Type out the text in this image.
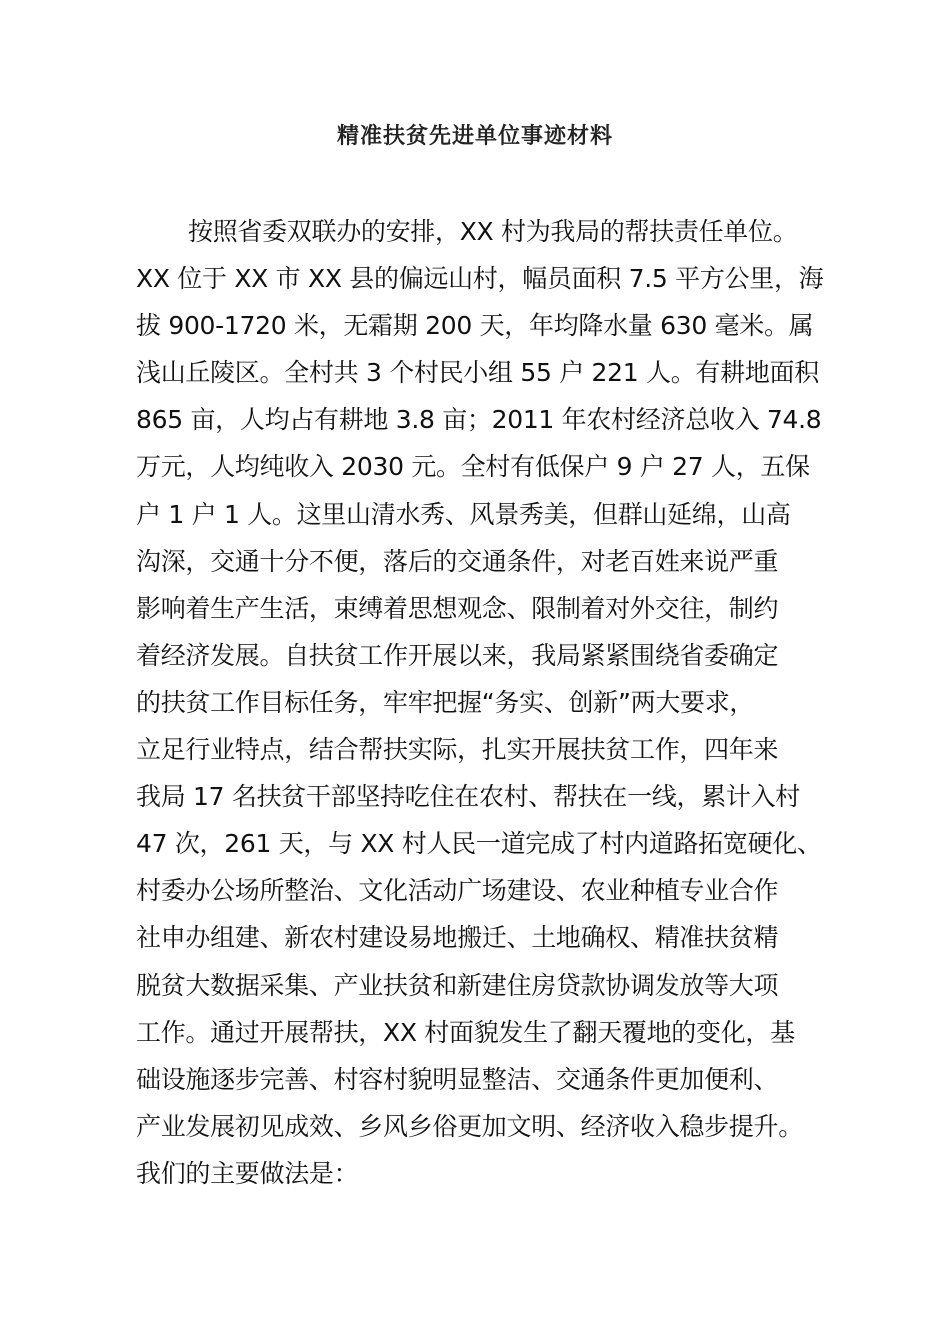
精准扶贫先进单位事迹材料
按照省委双联办的安排，XX 村为我局的帮扶责任单位。
XX 位于 XX 市 XX 县的偏远山村，幅员面积 7.5 平方公里，海
拔 900-1720 米，无霜期 200 天，年均降水量 630 毫米。属
浅山丘陵区。全村共 3 个村民小组 55 户 221 人。有耕地面积
865 亩，人均占有耕地 3.8 亩；2011 年农村经济总收入 74.8
万元，人均纯收入 2030 元。全村有低保户 9 户 27 人，五保
户 1 户 1 人。这里山清水秀、风景秀美，但群山延绵，山高
沟深，交通十分不便，落后的交通条件，对老百姓来说严重
影响着生产生活，束缚着思想观念、限制着对外交往，制约
着经济发展。自扶贫工作开展以来，我局紧紧围绕省委确定
的扶贫工作目标任务，牢牢把握“务实、创新”两大要求，
立足行业特点，结合帮扶实际，扎实开展扶贫工作，四年来
我局 17 名扶贫干部坚持吃住在农村、帮扶在一线，累计入村
47 次，261 天，与 XX 村人民一道完成了村内道路拓宽硬化、
村委办公场所整治、文化活动广场建设、农业种植专业合作
社申办组建、新农村建设易地搬迁、土地确权、精准扶贫精
脱贫大数据采集、产业扶贫和新建住房贷款协调发放等大项
工作。通过开展帮扶，XX 村面貌发生了翻天覆地的变化，基
础设施逐步完善、村容村貌明显整洁、交通条件更加便利、
产业发展初见成效、乡风乡俗更加文明、经济收入稳步提升。
我们的主要做法是：
